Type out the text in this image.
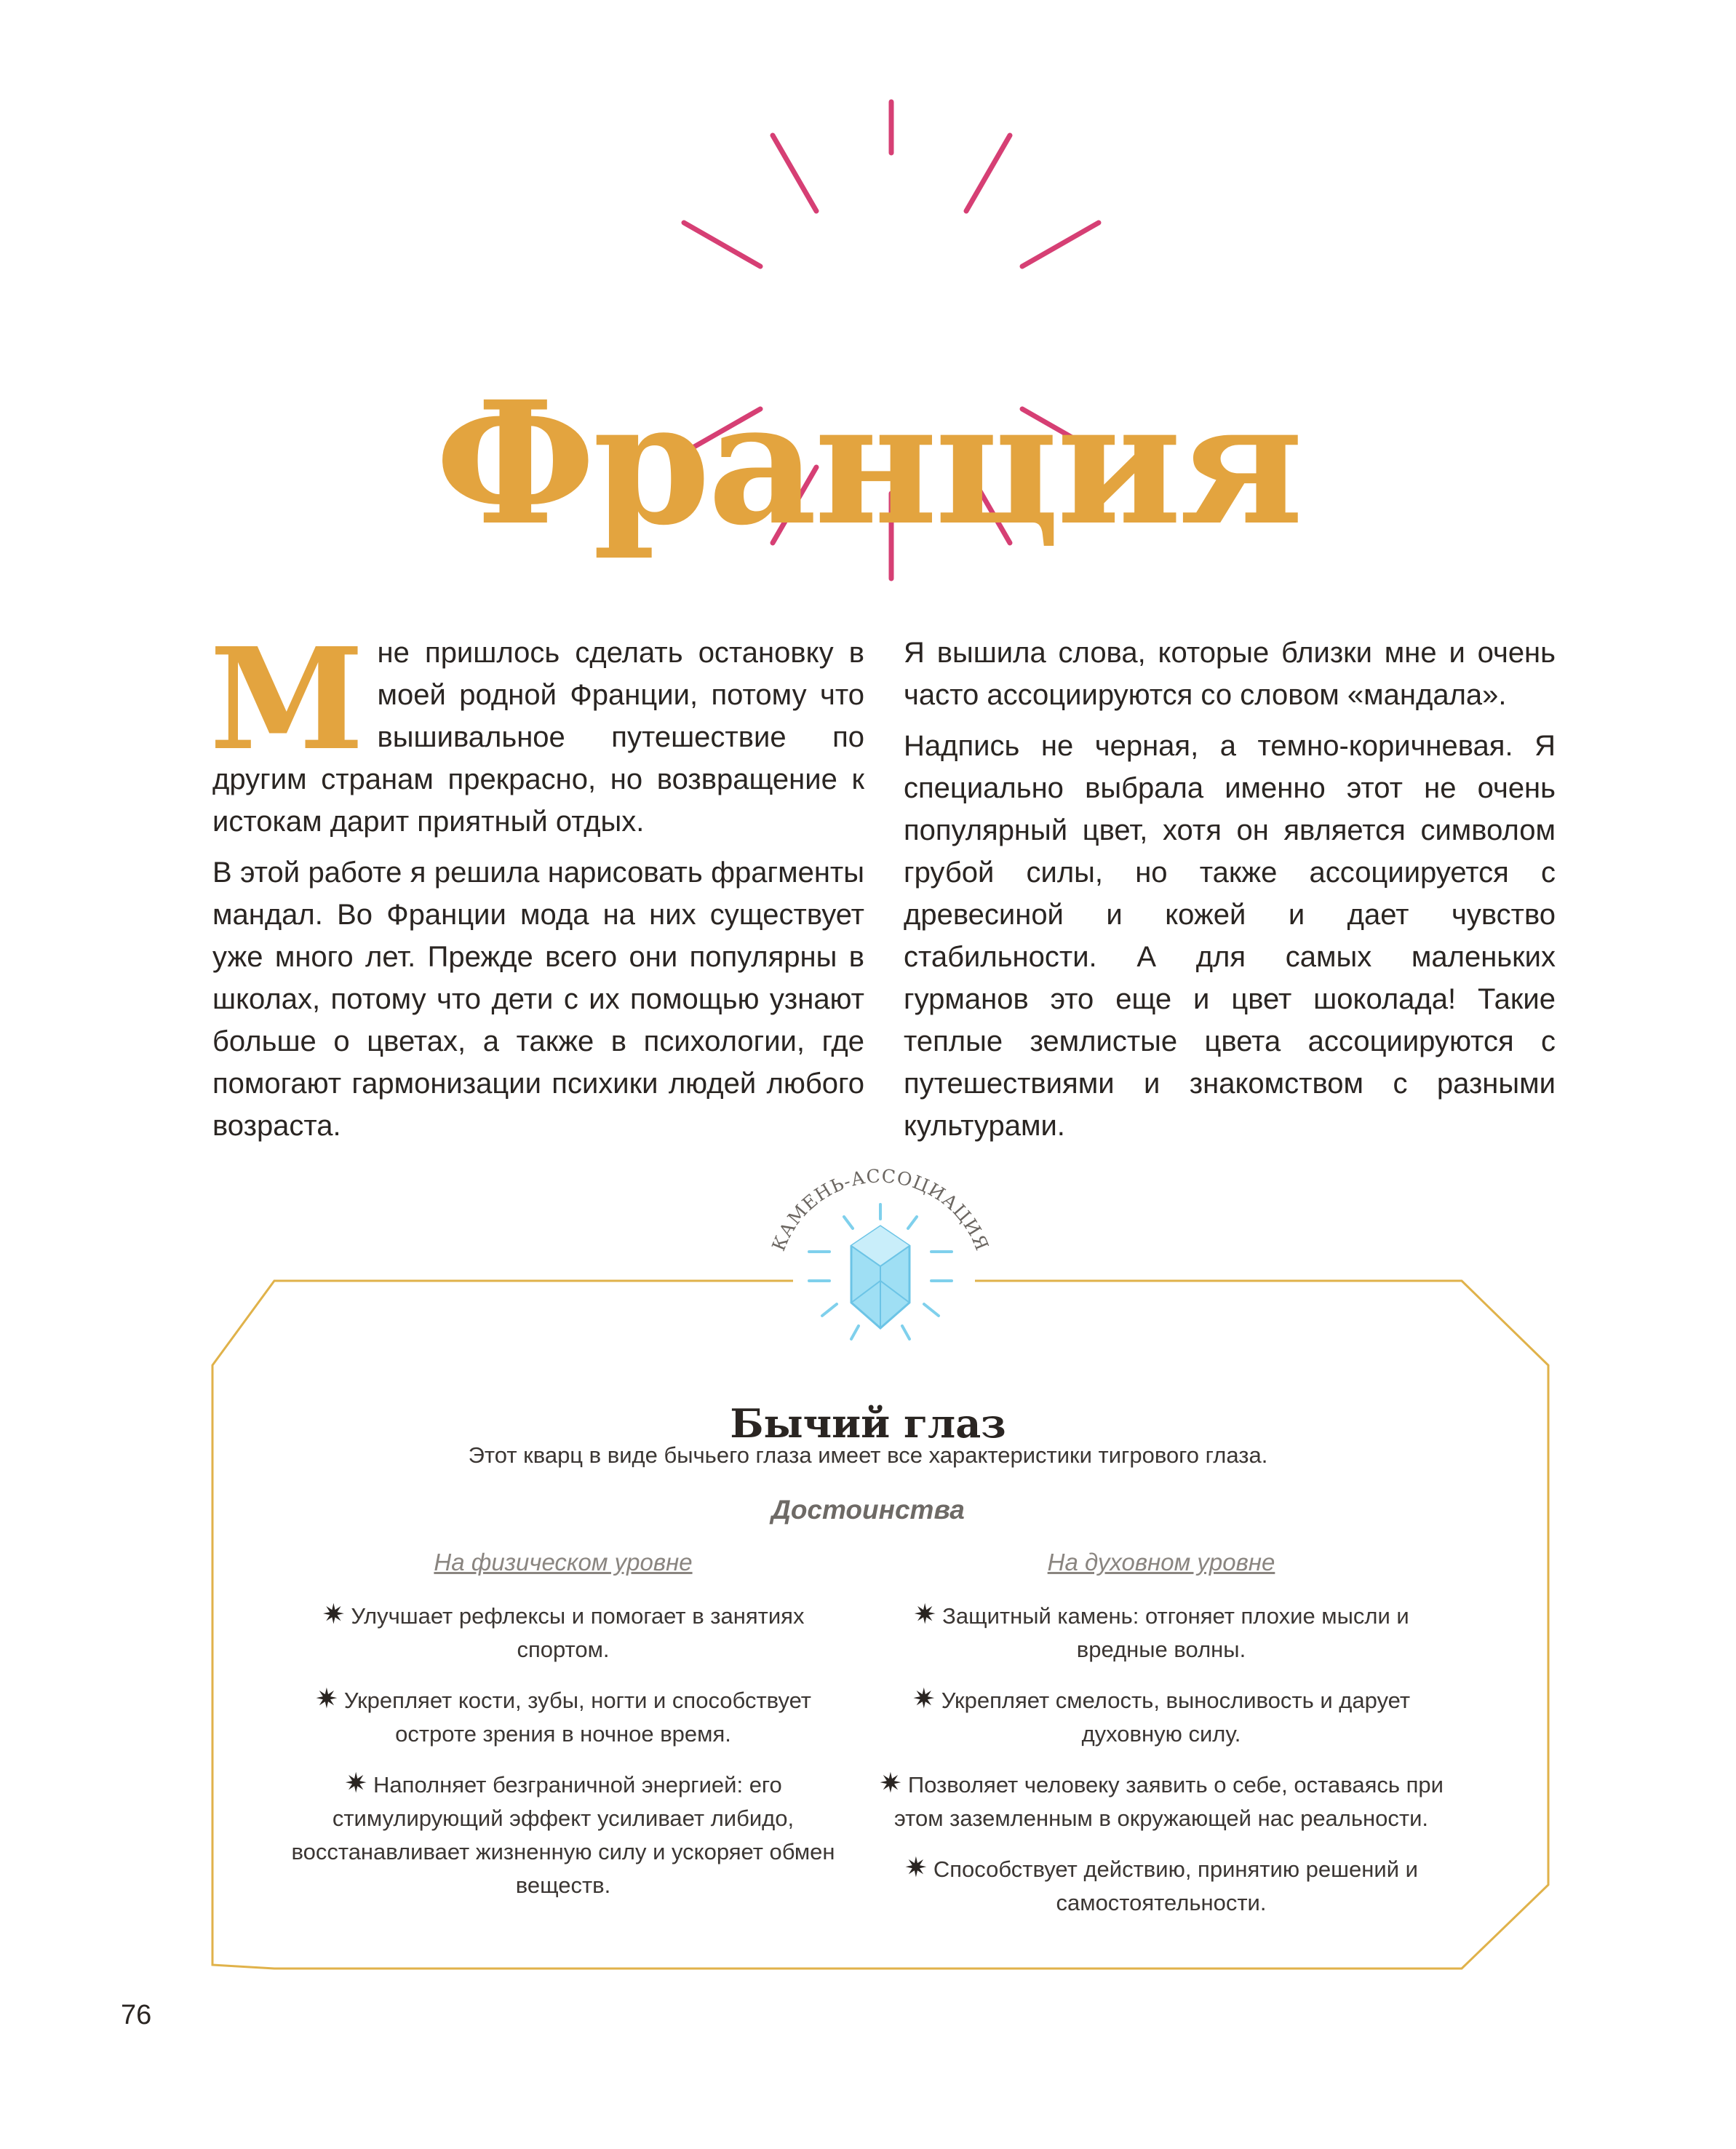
Франция

Мне пришлось сделать остановку в моей родной Франции, потому что вышивальное путешествие по другим странам прекрасно, но возвращение к истокам дарит приятный отдых.

В этой работе я решила нарисовать фрагменты мандал. Во Франции мода на них существует уже много лет. Прежде всего они популярны в школах, потому что дети с их помощью узнают больше о цветах, а также в психологии, где помогают гармонизации психики людей любого возраста.

Я вышила слова, которые близки мне и очень часто ассоциируются со словом «мандала».

Надпись не черная, а темно-коричневая. Я специально выбрала именно этот не очень популярный цвет, хотя он является символом грубой силы, но также ассоциируется с древесиной и кожей и дает чувство стабильности. А для самых маленьких гурманов это еще и цвет шоколада! Такие теплые землистые цвета ассоциируются с путешествиями и знакомством с разными культурами.

КАМЕНЬ-АССОЦИАЦИЯ
Бычий глаз
Этот кварц в виде бычьего глаза имеет все характеристики тигрового глаза.
Достоинства
На физическом уровне
✷ Улучшает рефлексы и помогает в занятиях спортом.
✷ Укрепляет кости, зубы, ногти и способствует остроте зрения в ночное время.
✷ Наполняет безграничной энергией: его стимулирующий эффект усиливает либидо, восстанавливает жизненную силу и ускоряет обмен веществ.
На духовном уровне
✷ Защитный камень: отгоняет плохие мысли и вредные волны.
✷ Укрепляет смелость, выносливость и дарует духовную силу.
✷ Позволяет человеку заявить о себе, оставаясь при этом заземленным в окружающей нас реальности.
✷ Способствует действию, принятию решений и самостоятельности.
76
